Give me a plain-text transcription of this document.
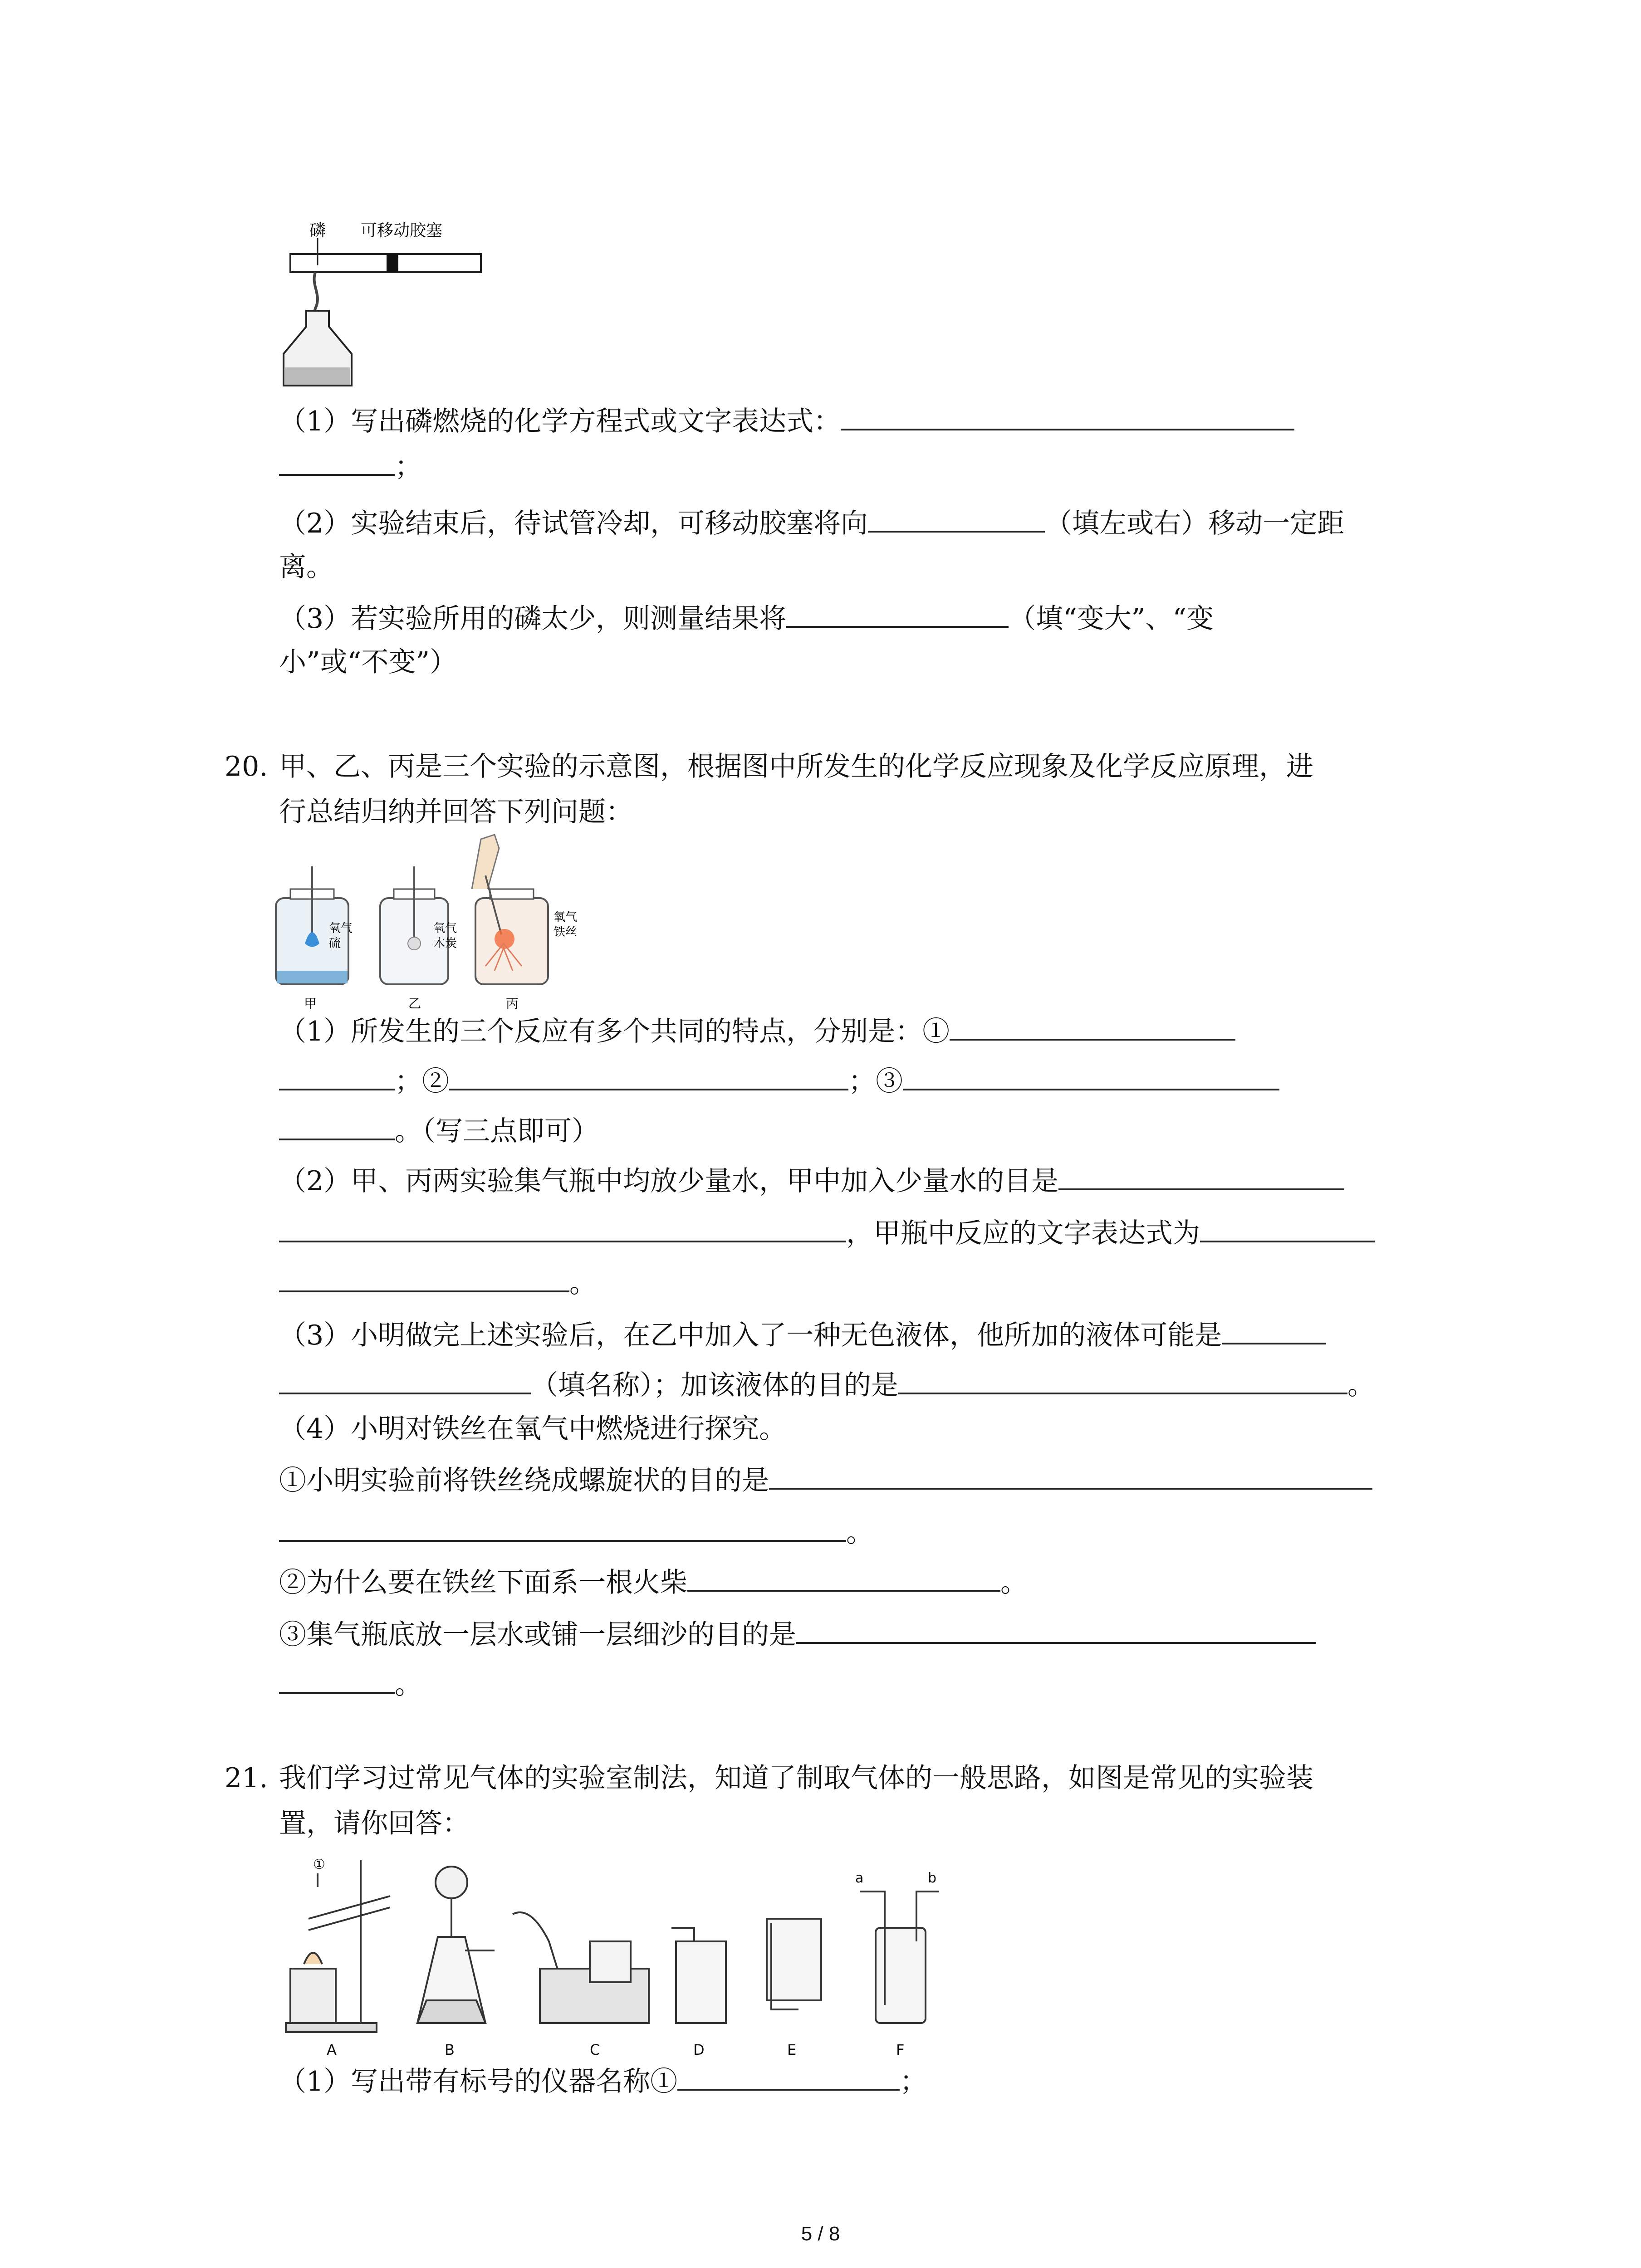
磷 可移动胶塞
（1）写出磷燃烧的化学方程式或文字表达式：
；
（2）实验结束后，待试管冷却，可移动胶塞将向	（填左或右）移动一定距
离。
（3）若实验所用的磷太少，则测量结果将	（填“变大”、“变
小”或“不变”）
20. 甲、乙、丙是三个实验的示意图，根据图中所发生的化学反应现象及化学反应原理，进
行总结归纳并回答下列问题：
氧气
硫
甲
氧气
木炭
乙
氧气
铁丝
丙
（1）所发生的三个反应有多个共同的特点，分别是：①
；②	；③
。（写三点即可）
（2）甲、丙两实验集气瓶中均放少量水，甲中加入少量水的目是
，甲瓶中反应的文字表达式为
。
（3）小明做完上述实验后，在乙中加入了一种无色液体，他所加的液体可能是
（填名称）；加该液体的目的是	。
（4）小明对铁丝在氧气中燃烧进行探究。
①小明实验前将铁丝绕成螺旋状的目的是
。
②为什么要在铁丝下面系一根火柴	。
③集气瓶底放一层水或铺一层细沙的目的是
。
21. 我们学习过常见气体的实验室制法，知道了制取气体的一般思路，如图是常见的实验装
置，请你回答：
①
A	B	C	D	E
a	b
F
（1）写出带有标号的仪器名称①	；
5 / 8
